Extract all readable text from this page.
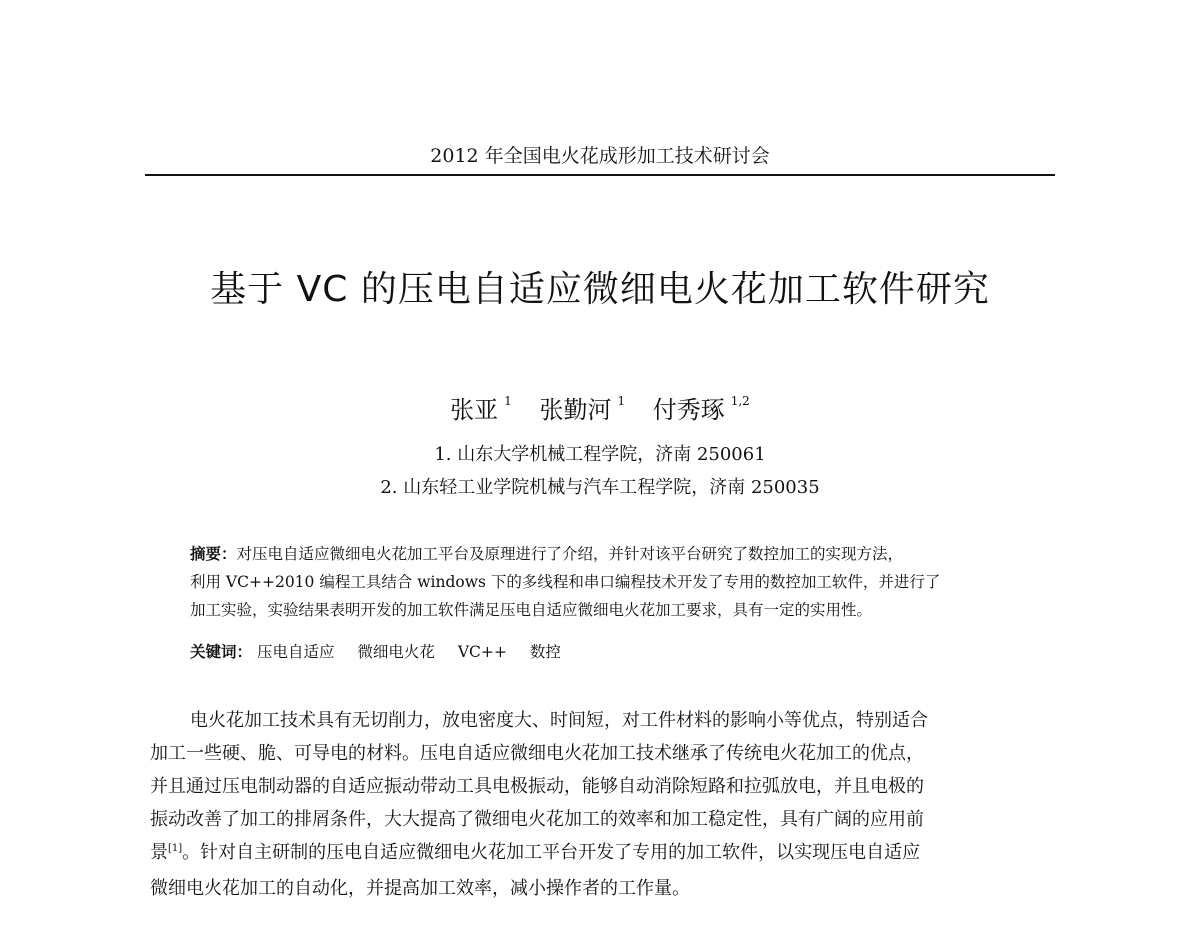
2012 年全国电火花成形加工技术研讨会
基于 VC 的压电自适应微细电火花加工软件研究
张亚 $^1$ 张勤河 $^1$ 付秀琢 $^{1,2}$
1. 山东大学机械工程学院，济南 250061
2. 山东轻工业学院机械与汽车工程学院，济南 250035
摘要：对压电自适应微细电火花加工平台及原理进行了介绍，并针对该平台研究了数控加工的实现方法，
利用 VC++2010 编程工具结合 windows 下的多线程和串口编程技术开发了专用的数控加工软件，并进行了
加工实验，实验结果表明开发的加工软件满足压电自适应微细电火花加工要求，具有一定的实用性。
关键词： 压电自适应 微细电火花 VC++ 数控
电火花加工技术具有无切削力，放电密度大、时间短，对工件材料的影响小等优点，特别适合
加工一些硬、脆、可导电的材料。压电自适应微细电火花加工技术继承了传统电火花加工的优点，
并且通过压电制动器的自适应振动带动工具电极振动，能够自动消除短路和拉弧放电，并且电极的
振动改善了加工的排屑条件，大大提高了微细电火花加工的效率和加工稳定性，具有广阔的应用前
景[1]。针对自主研制的压电自适应微细电火花加工平台开发了专用的加工软件，以实现压电自适应
微细电火花加工的自动化，并提高加工效率，减小操作者的工作量。
